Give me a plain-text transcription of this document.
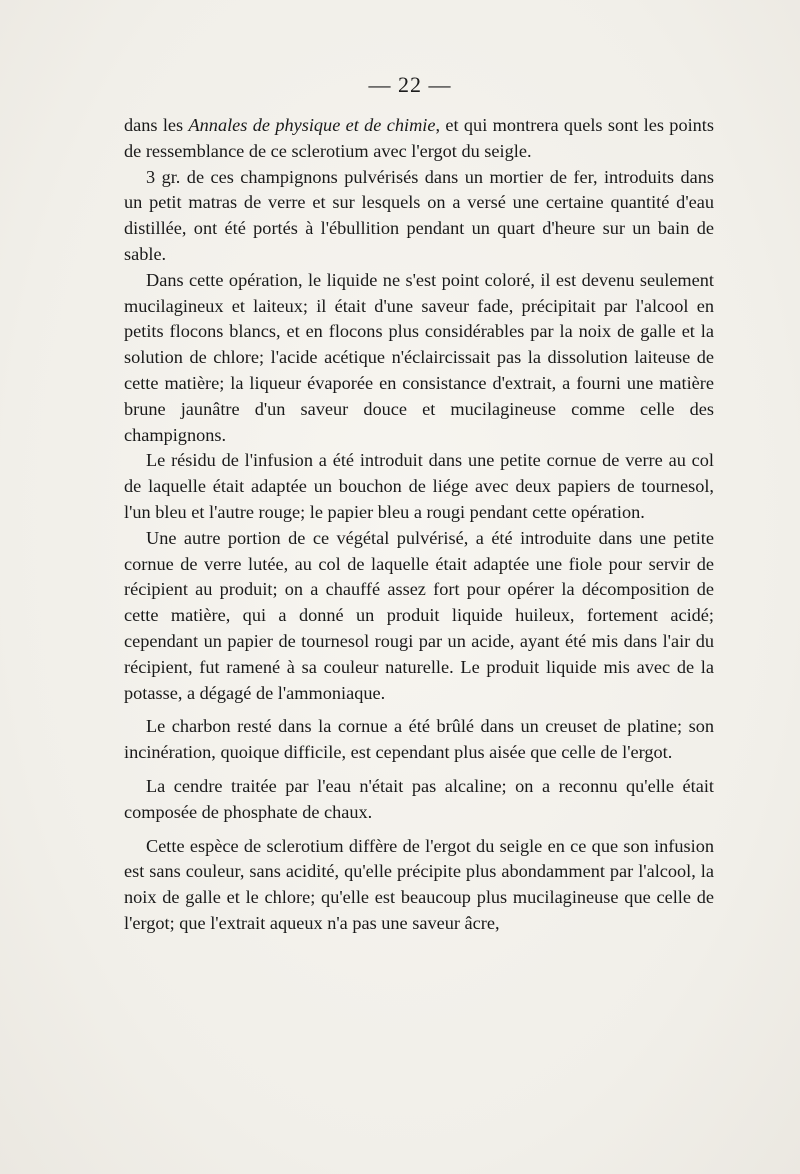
— 22 —

dans les Annales de physique et de chimie, et qui montrera quels sont les points de ressemblance de ce sclerotium avec l'ergot du seigle.

3 gr. de ces champignons pulvérisés dans un mortier de fer, introduits dans un petit matras de verre et sur lesquels on a versé une certaine quantité d'eau distillée, ont été portés à l'ébullition pendant un quart d'heure sur un bain de sable.

Dans cette opération, le liquide ne s'est point coloré, il est devenu seulement mucilagineux et laiteux; il était d'une saveur fade, précipitait par l'alcool en petits flocons blancs, et en flocons plus considérables par la noix de galle et la solution de chlore; l'acide acétique n'éclaircissait pas la dissolution laiteuse de cette matière; la liqueur évaporée en consistance d'extrait, a fourni une matière brune jaunâtre d'un saveur douce et mucilagineuse comme celle des champignons.

Le résidu de l'infusion a été introduit dans une petite cornue de verre au col de laquelle était adaptée un bouchon de liége avec deux papiers de tournesol, l'un bleu et l'autre rouge; le papier bleu a rougi pendant cette opération.

Une autre portion de ce végétal pulvérisé, a été introduite dans une petite cornue de verre lutée, au col de laquelle était adaptée une fiole pour servir de récipient au produit; on a chauffé assez fort pour opérer la décomposition de cette matière, qui a donné un produit liquide huileux, fortement acidé; cependant un papier de tournesol rougi par un acide, ayant été mis dans l'air du récipient, fut ramené à sa couleur naturelle. Le produit liquide mis avec de la potasse, a dégagé de l'ammoniaque.

Le charbon resté dans la cornue a été brûlé dans un creuset de platine; son incinération, quoique difficile, est cependant plus aisée que celle de l'ergot.

La cendre traitée par l'eau n'était pas alcaline; on a reconnu qu'elle était composée de phosphate de chaux.

Cette espèce de sclerotium diffère de l'ergot du seigle en ce que son infusion est sans couleur, sans acidité, qu'elle précipite plus abondamment par l'alcool, la noix de galle et le chlore; qu'elle est beaucoup plus mucilagineuse que celle de l'ergot; que l'extrait aqueux n'a pas une saveur âcre,
